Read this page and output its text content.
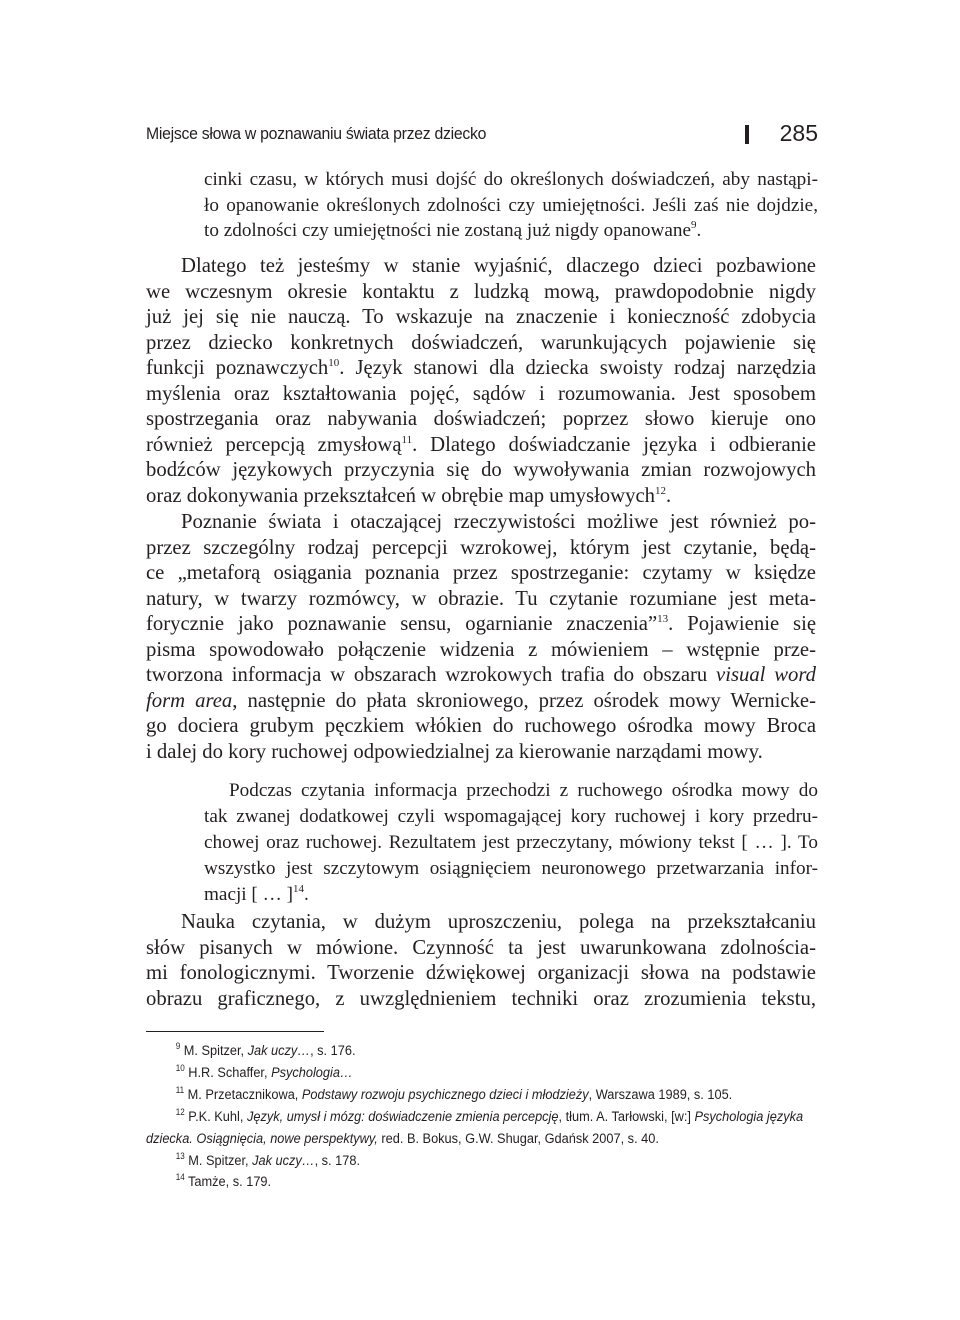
Miejsce słowa w poznawaniu świata przez dziecko	285
cinki czasu, w których musi dojść do określonych doświadczeń, aby nastąpi-
ło opanowanie określonych zdolności czy umiejętności. Jeśli zaś nie dojdzie,
to zdolności czy umiejętności nie zostaną już nigdy opanowane$^9$.
Dlatego też jesteśmy w stanie wyjaśnić, dlaczego dzieci pozbawione
we wczesnym okresie kontaktu z ludzką mową, prawdopodobnie nigdy
już jej się nie nauczą. To wskazuje na znaczenie i konieczność zdobycia
przez dziecko konkretnych doświadczeń, warunkujących pojawienie się
funkcji poznawczych$^{10}$. Język stanowi dla dziecka swoisty rodzaj narzędzia
myślenia oraz kształtowania pojęć, sądów i rozumowania. Jest sposobem
spostrzegania oraz nabywania doświadczeń; poprzez słowo kieruje ono
również percepcją zmysłową$^{11}$. Dlatego doświadczanie języka i odbieranie
bodźców językowych przyczynia się do wywoływania zmian rozwojowych
oraz dokonywania przekształceń w obrębie map umysłowych$^{12}$.
Poznanie świata i otaczającej rzeczywistości możliwe jest również po-
przez szczególny rodzaj percepcji wzrokowej, którym jest czytanie, będą-
ce „metaforą osiągania poznania przez spostrzeganie: czytamy w księdze
natury, w twarzy rozmówcy, w obrazie. Tu czytanie rozumiane jest meta-
forycznie jako poznawanie sensu, ogarnianie znaczenia”$^{13}$. Pojawienie się
pisma spowodowało połączenie widzenia z mówieniem – wstępnie prze-
tworzona informacja w obszarach wzrokowych trafia do obszaru visual word
form area, następnie do płata skroniowego, przez ośrodek mowy Wernicke-
go dociera grubym pęczkiem włókien do ruchowego ośrodka mowy Broca
i dalej do kory ruchowej odpowiedzialnej za kierowanie narządami mowy.
Podczas czytania informacja przechodzi z ruchowego ośrodka mowy do
tak zwanej dodatkowej czyli wspomagającej kory ruchowej i kory przedru-
chowej oraz ruchowej. Rezultatem jest przeczytany, mówiony tekst [ … ]. To
wszystko jest szczytowym osiągnięciem neuronowego przetwarzania infor-
macji [ … ]$^{14}$.
Nauka czytania, w dużym uproszczeniu, polega na przekształcaniu
słów pisanych w mówione. Czynność ta jest uwarunkowana zdolnościa-
mi fonologicznymi. Tworzenie dźwiękowej organizacji słowa na podstawie
obrazu graficznego, z uwzględnieniem techniki oraz zrozumienia tekstu,
$^9$ M. Spitzer, Jak uczy…, s. 176.
$^{10}$ H.R. Schaffer, Psychologia…
$^{11}$ M. Przetacznikowa, Podstawy rozwoju psychicznego dzieci i młodzieży, Warszawa 1989, s. 105.
$^{12}$ P.K. Kuhl, Język, umysł i mózg: doświadczenie zmienia percepcję, tłum. A. Tarłowski, [w:] Psychologia języka
dziecka. Osiągnięcia, nowe perspektywy, red. B. Bokus, G.W. Shugar, Gdańsk 2007, s. 40.
$^{13}$ M. Spitzer, Jak uczy…, s. 178.
$^{14}$ Tamże, s. 179.
